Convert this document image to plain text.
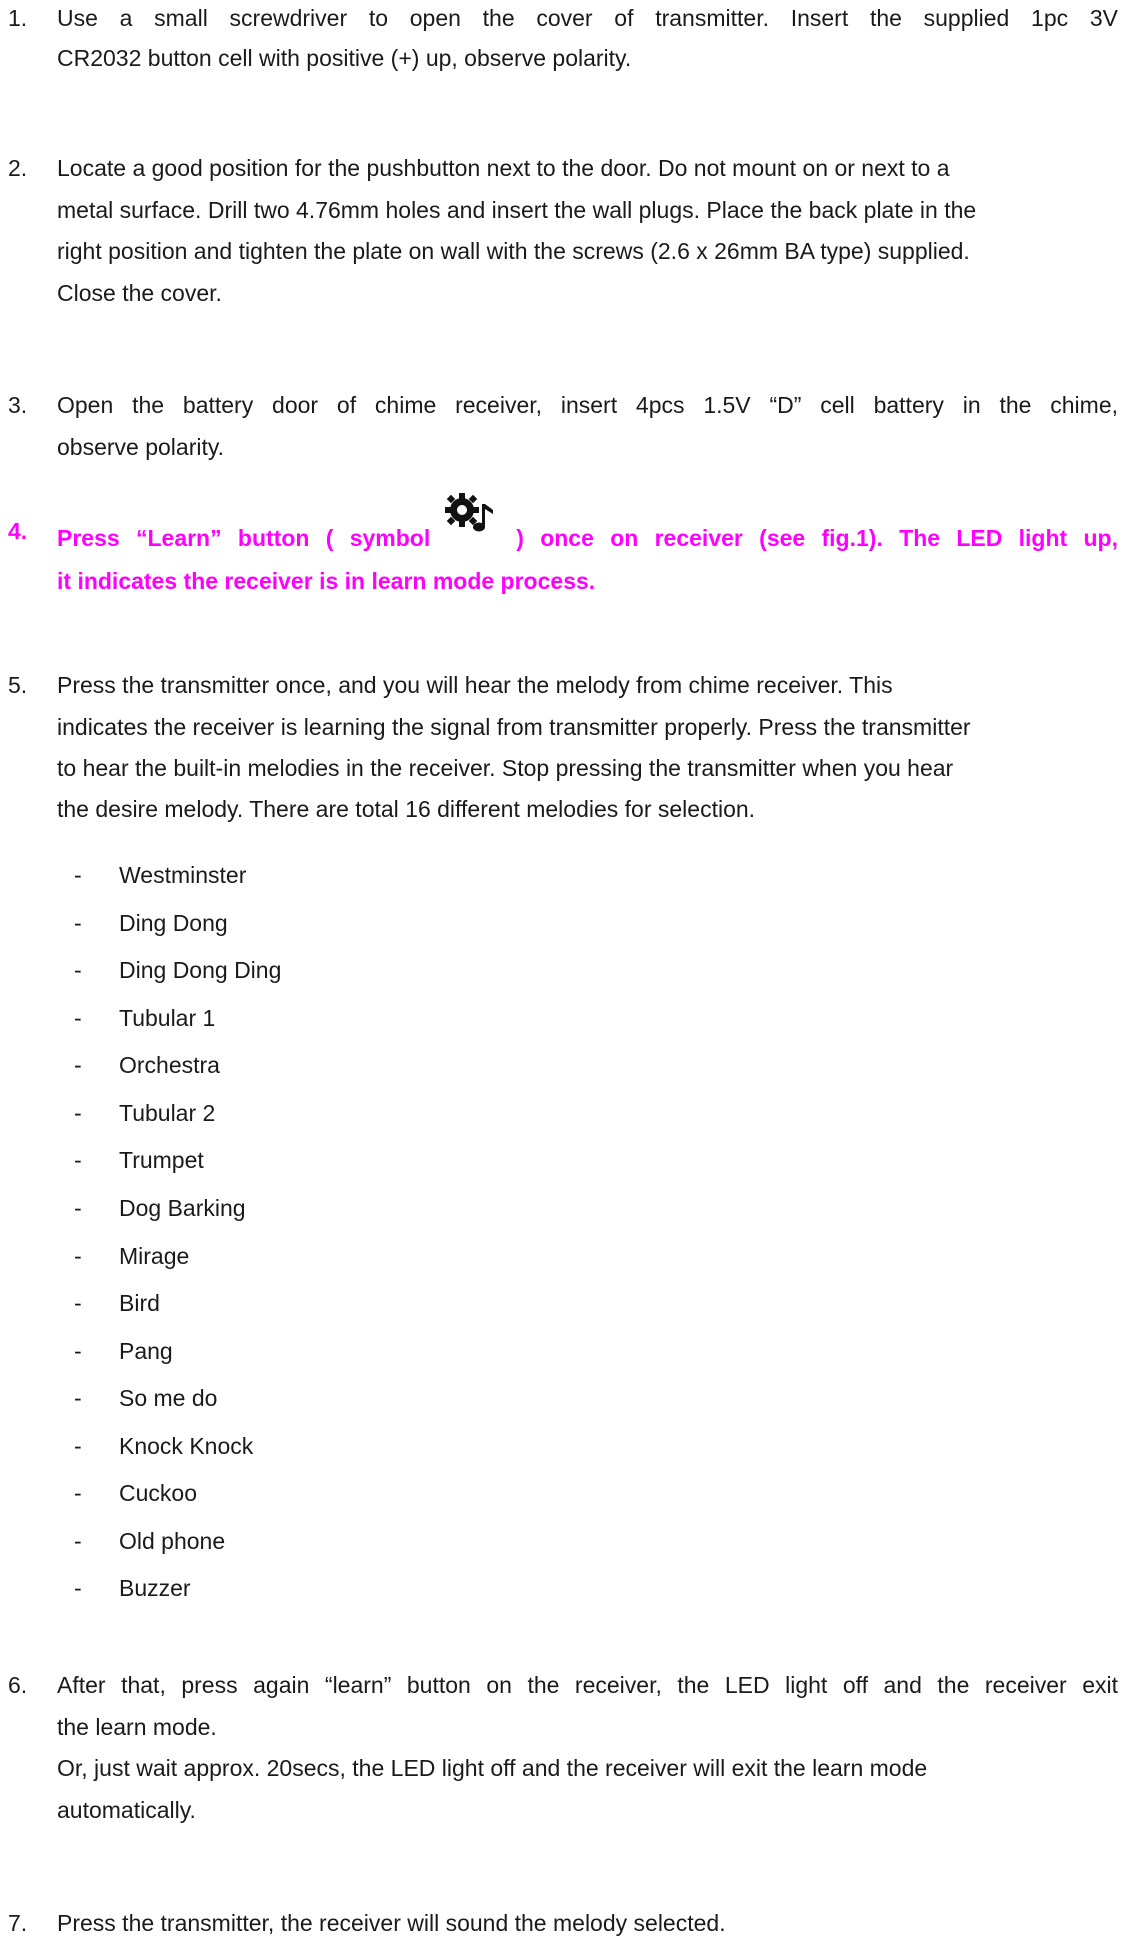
1. Use a small screwdriver to open the cover of transmitter. Insert the supplied 1pc 3V
CR2032 button cell with positive (+) up, observe polarity.
2. Locate a good position for the pushbutton next to the door. Do not mount on or next to a
metal surface. Drill two 4.76mm holes and insert the wall plugs. Place the back plate in the
right position and tighten the plate on wall with the screws (2.6 x 26mm BA type) supplied.
Close the cover.
3. Open the battery door of chime receiver, insert 4pcs 1.5V “D” cell battery in the chime,
observe polarity.
4. Press “Learn” button ( symbol	) once on receiver (see fig.1). The LED light up,
it indicates the receiver is in learn mode process.
5. Press the transmitter once, and you will hear the melody from chime receiver. This
indicates the receiver is learning the signal from transmitter properly. Press the transmitter
to hear the built-in melodies in the receiver. Stop pressing the transmitter when you hear
the desire melody. There are total 16 different melodies for selection.
- Westminster
- Ding Dong
- Ding Dong Ding
- Tubular 1
- Orchestra
- Tubular 2
- Trumpet
- Dog Barking
- Mirage
- Bird
- Pang
- So me do
- Knock Knock
- Cuckoo
- Old phone
- Buzzer
6. After that, press again “learn” button on the receiver, the LED light off and the receiver exit
the learn mode.
Or, just wait approx. 20secs, the LED light off and the receiver will exit the learn mode
automatically.
7. Press the transmitter, the receiver will sound the melody selected.
